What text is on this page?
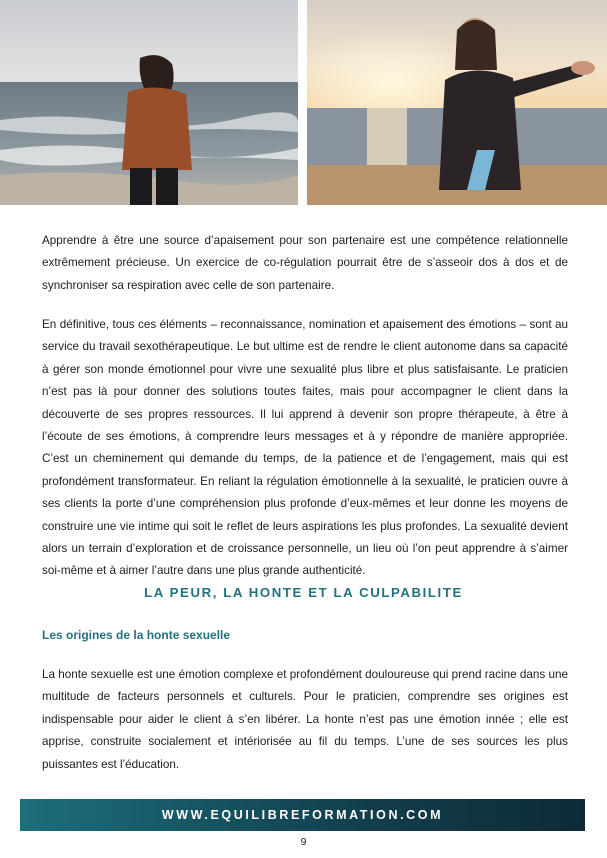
Apprendre à être une source d’apaisement pour son partenaire est une compétence relationnelle extrêmement précieuse. Un exercice de co-régulation pourrait être de s’asseoir dos à dos et de synchroniser sa respiration avec celle de son partenaire.

En définitive, tous ces éléments – reconnaissance, nomination et apaisement des émotions – sont au service du travail sexothérapeutique. Le but ultime est de rendre le client autonome dans sa capacité à gérer son monde émotionnel pour vivre une sexualité plus libre et plus satisfaisante. Le praticien n’est pas là pour donner des solutions toutes faites, mais pour accompagner le client dans la découverte de ses propres ressources. Il lui apprend à devenir son propre thérapeute, à être à l’écoute de ses émotions, à comprendre leurs messages et à y répondre de manière appropriée. C’est un cheminement qui demande du temps, de la patience et de l’engagement, mais qui est profondément transformateur. En reliant la régulation émotionnelle à la sexualité, le praticien ouvre à ses clients la porte d’une compréhension plus profonde d’eux-mêmes et leur donne les moyens de construire une vie intime qui soit le reflet de leurs aspirations les plus profondes. La sexualité devient alors un terrain d’exploration et de croissance personnelle, un lieu où l’on peut apprendre à s’aimer soi-même et à aimer l’autre dans une plus grande authenticité.

LA PEUR, LA HONTE ET LA CULPABILITE
Les origines de la honte sexuelle

La honte sexuelle est une émotion complexe et profondément douloureuse qui prend racine dans une multitude de facteurs personnels et culturels. Pour le praticien, comprendre ses origines est indispensable pour aider le client à s’en libérer. La honte n’est pas une émotion innée ; elle est apprise, construite socialement et intériorisée au fil du temps. L’une de ses sources les plus puissantes est l’éducation.

WWW.EQUILIBREFORMATION.COM
9
